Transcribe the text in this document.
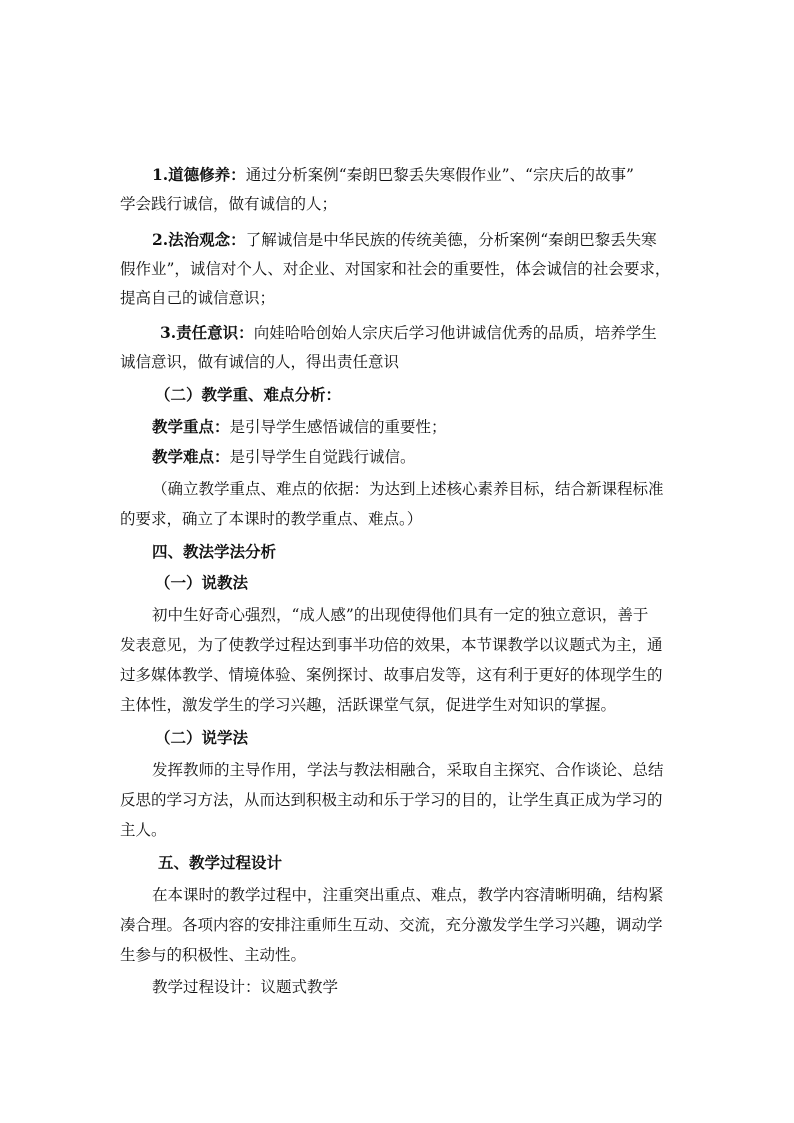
1.道德修养：通过分析案例“秦朗巴黎丢失寒假作业”、“宗庆后的故事”
学会践行诚信，做有诚信的人；
2.法治观念：了解诚信是中华民族的传统美德，分析案例“秦朗巴黎丢失寒
假作业”，诚信对个人、对企业、对国家和社会的重要性，体会诚信的社会要求，
提高自己的诚信意识；
3.责任意识：向娃哈哈创始人宗庆后学习他讲诚信优秀的品质，培养学生
诚信意识，做有诚信的人，得出责任意识
（二）教学重、难点分析：
教学重点：是引导学生感悟诚信的重要性；
教学难点：是引导学生自觉践行诚信。
（确立教学重点、难点的依据：为达到上述核心素养目标，结合新课程标准
的要求，确立了本课时的教学重点、难点。）
四、教法学法分析
（一）说教法
初中生好奇心强烈，“成人感”的出现使得他们具有一定的独立意识，善于
发表意见，为了使教学过程达到事半功倍的效果，本节课教学以议题式为主，通
过多媒体教学、情境体验、案例探讨、故事启发等，这有利于更好的体现学生的
主体性，激发学生的学习兴趣，活跃课堂气氛，促进学生对知识的掌握。
（二）说学法
发挥教师的主导作用，学法与教法相融合，采取自主探究、合作谈论、总结
反思的学习方法，从而达到积极主动和乐于学习的目的，让学生真正成为学习的
主人。
五、教学过程设计
在本课时的教学过程中，注重突出重点、难点，教学内容清晰明确，结构紧
凑合理。各项内容的安排注重师生互动、交流，充分激发学生学习兴趣，调动学
生参与的积极性、主动性。
教学过程设计：议题式教学
